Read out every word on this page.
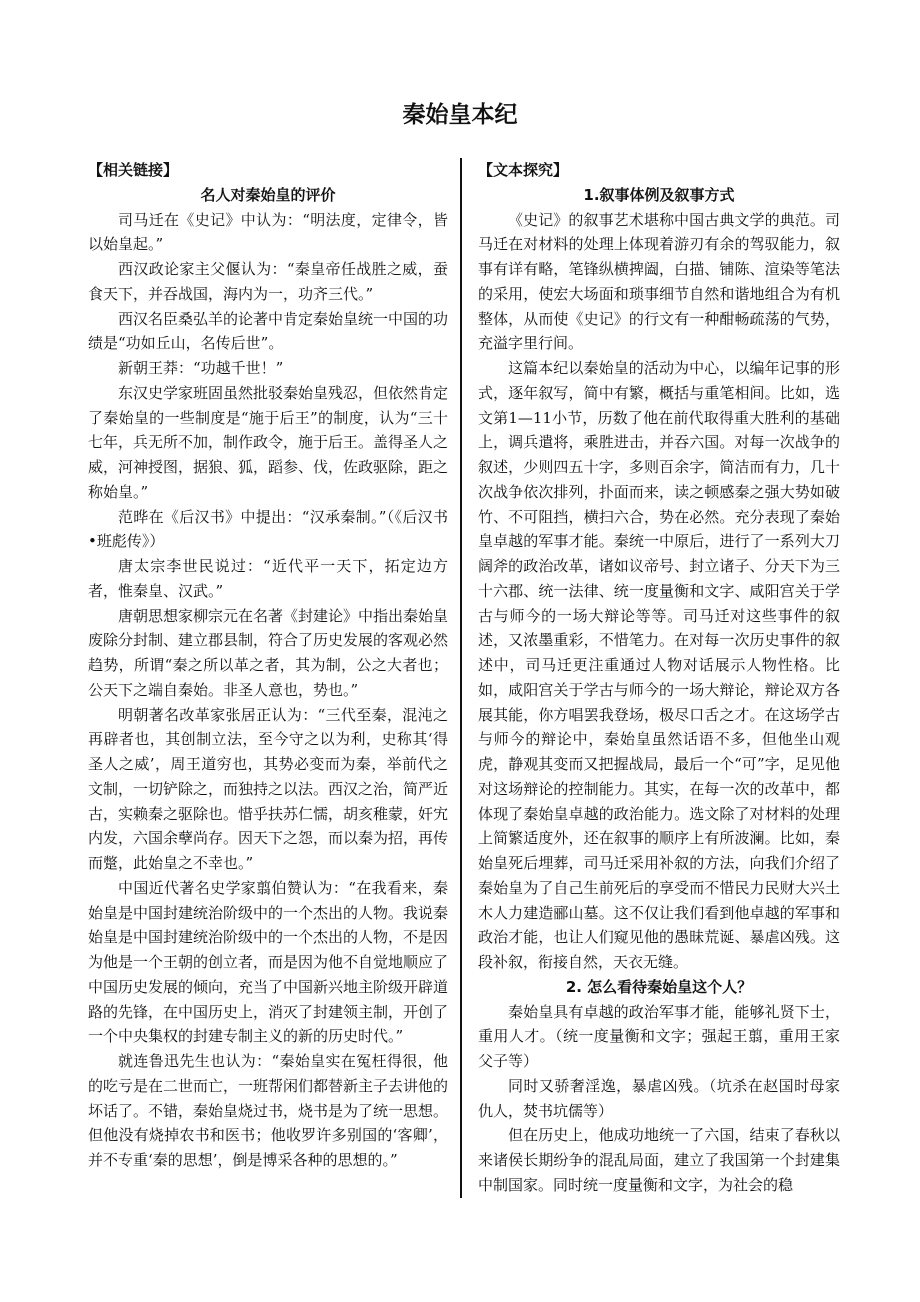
秦始皇本纪
【相关链接】
名人对秦始皇的评价

司马迁在《史记》中认为：“明法度，定律令，皆以始皇起。”

西汉政论家主父偃认为：“秦皇帝任战胜之威，蚕食天下，并吞战国，海内为一，功齐三代。”

西汉名臣桑弘羊的论著中肯定秦始皇统一中国的功绩是“功如丘山，名传后世”。

新朝王莽：“功越千世！”

东汉史学家班固虽然批驳秦始皇残忍，但依然肯定了秦始皇的一些制度是“施于后王”的制度，认为“三十七年，兵无所不加，制作政令，施于后王。盖得圣人之威，河神授图，据狼、狐，蹈参、伐，佐政驱除，距之称始皇。”

范晔在《后汉书》中提出：“汉承秦制。”（《后汉书•班彪传》）

唐太宗李世民说过：“近代平一天下，拓定边方者，惟秦皇、汉武。”

唐朝思想家柳宗元在名著《封建论》中指出秦始皇废除分封制、建立郡县制，符合了历史发展的客观必然趋势，所谓“秦之所以革之者，其为制，公之大者也；公天下之端自秦始。非圣人意也，势也。”

明朝著名改革家张居正认为：“三代至秦，混沌之再辟者也，其创制立法，至今守之以为利，史称其‘得圣人之威’，周王道穷也，其势必变而为秦，举前代之文制，一切铲除之，而独持之以法。西汉之治，简严近古，实赖秦之驱除也。惜乎扶苏仁懦，胡亥稚蒙，奸宄内发，六国余孽尚存。因天下之怨，而以秦为招，再传而蹩，此始皇之不幸也。”

中国近代著名史学家翦伯赞认为：“在我看来，秦始皇是中国封建统治阶级中的一个杰出的人物。我说秦始皇是中国封建统治阶级中的一个杰出的人物，不是因为他是一个王朝的创立者，而是因为他不自觉地顺应了中国历史发展的倾向，充当了中国新兴地主阶级开辟道路的先锋，在中国历史上，消灭了封建领主制，开创了一个中央集权的封建专制主义的新的历史时代。”

就连鲁迅先生也认为：“秦始皇实在冤枉得很，他的吃亏是在二世而亡，一班帮闲们都替新主子去讲他的坏话了。不错，秦始皇烧过书，烧书是为了统一思想。但他没有烧掉农书和医书；他收罗许多别国的‘客卿’，并不专重‘秦的思想’，倒是博采各种的思想的。”

【文本探究】
1.叙事体例及叙事方式

《史记》的叙事艺术堪称中国古典文学的典范。司马迁在对材料的处理上体现着游刃有余的驾驭能力，叙事有详有略，笔锋纵横捭阖，白描、铺陈、渲染等笔法的采用，使宏大场面和琐事细节自然和谐地组合为有机整体，从而使《史记》的行文有一种酣畅疏荡的气势，充溢字里行间。

这篇本纪以秦始皇的活动为中心，以编年记事的形式，逐年叙写，简中有繁，概括与重笔相间。比如，选文第1—11小节，历数了他在前代取得重大胜利的基础上，调兵遣将，乘胜进击，并吞六国。对每一次战争的叙述，少则四五十字，多则百余字，简洁而有力，几十次战争依次排列，扑面而来，读之顿感秦之强大势如破竹、不可阻挡，横扫六合，势在必然。充分表现了秦始皇卓越的军事才能。秦统一中原后，进行了一系列大刀阔斧的政治改革，诸如议帝号、封立诸子、分天下为三十六郡、统一法律、统一度量衡和文字、咸阳宫关于学古与师今的一场大辩论等等。司马迁对这些事件的叙述，又浓墨重彩，不惜笔力。在对每一次历史事件的叙述中，司马迁更注重通过人物对话展示人物性格。比如，咸阳宫关于学古与师今的一场大辩论，辩论双方各展其能，你方唱罢我登场，极尽口舌之才。在这场学古与师今的辩论中，秦始皇虽然话语不多，但他坐山观虎，静观其变而又把握战局，最后一个“可”字，足见他对这场辩论的控制能力。其实，在每一次的改革中，都体现了秦始皇卓越的政治能力。选文除了对材料的处理上简繁适度外，还在叙事的顺序上有所波澜。比如，秦始皇死后埋葬，司马迁采用补叙的方法，向我们介绍了秦始皇为了自己生前死后的享受而不惜民力民财大兴土木人力建造郦山墓。这不仅让我们看到他卓越的军事和政治才能，也让人们窥见他的愚昧荒诞、暴虐凶残。这段补叙，衔接自然，天衣无缝。

2. 怎么看待秦始皇这个人？

秦始皇具有卓越的政治军事才能，能够礼贤下士，重用人才。（统一度量衡和文字；强起王翦，重用王家父子等）

同时又骄奢淫逸，暴虐凶残。（坑杀在赵国时母家仇人，焚书坑儒等）

但在历史上，他成功地统一了六国，结束了春秋以来诸侯长期纷争的混乱局面，建立了我国第一个封建集中制国家。同时统一度量衡和文字，为社会的稳
